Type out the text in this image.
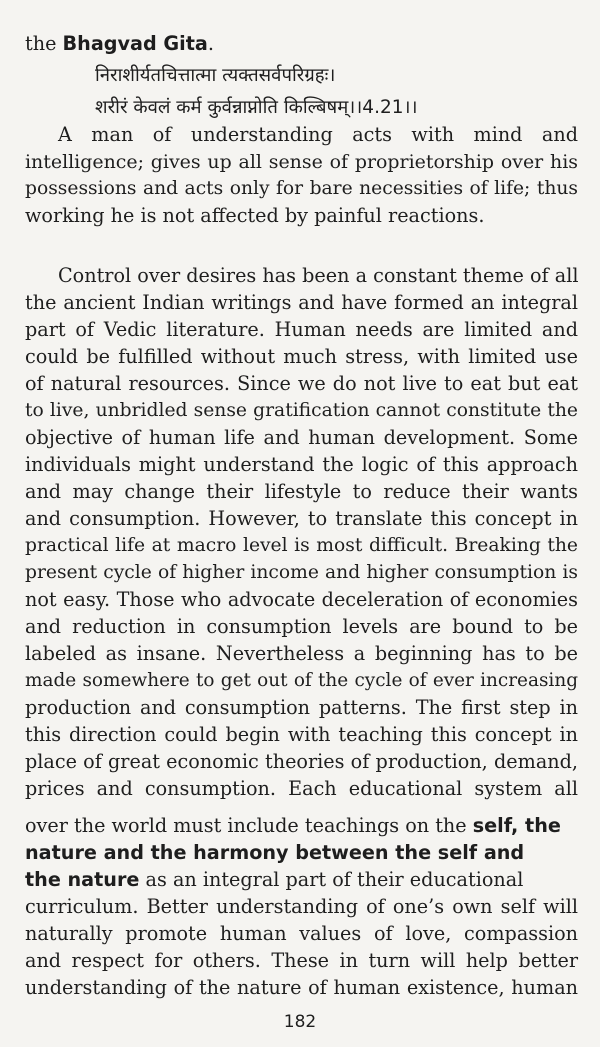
the Bhagvad Gita.
निराशीर्यतचित्तात्मा त्यक्तसर्वपरिग्रहः।
शरीरं केवलं कर्म कुर्वन्नाप्नोति किल्बिषम्।।4.21।।
A man of understanding acts with mind and
intelligence; gives up all sense of proprietorship over his
possessions and acts only for bare necessities of life; thus
working he is not affected by painful reactions.
Control over desires has been a constant theme of all
the ancient Indian writings and have formed an integral
part of Vedic literature. Human needs are limited and
could be fulfilled without much stress, with limited use
of natural resources. Since we do not live to eat but eat
to live, unbridled sense gratification cannot constitute the
objective of human life and human development. Some
individuals might understand the logic of this approach
and may change their lifestyle to reduce their wants
and consumption. However, to translate this concept in
practical life at macro level is most difficult. Breaking the
present cycle of higher income and higher consumption is
not easy. Those who advocate deceleration of economies
and reduction in consumption levels are bound to be
labeled as insane. Nevertheless a beginning has to be
made somewhere to get out of the cycle of ever increasing
production and consumption patterns. The first step in
this direction could begin with teaching this concept in
place of great economic theories of production, demand,
prices and consumption. Each educational system all
over the world must include teachings on the self, the
nature and the harmony between the self and
the nature as an integral part of their educational
curriculum. Better understanding of one’s own self will
naturally promote human values of love, compassion
and respect for others. These in turn will help better
understanding of the nature of human existence, human
182
